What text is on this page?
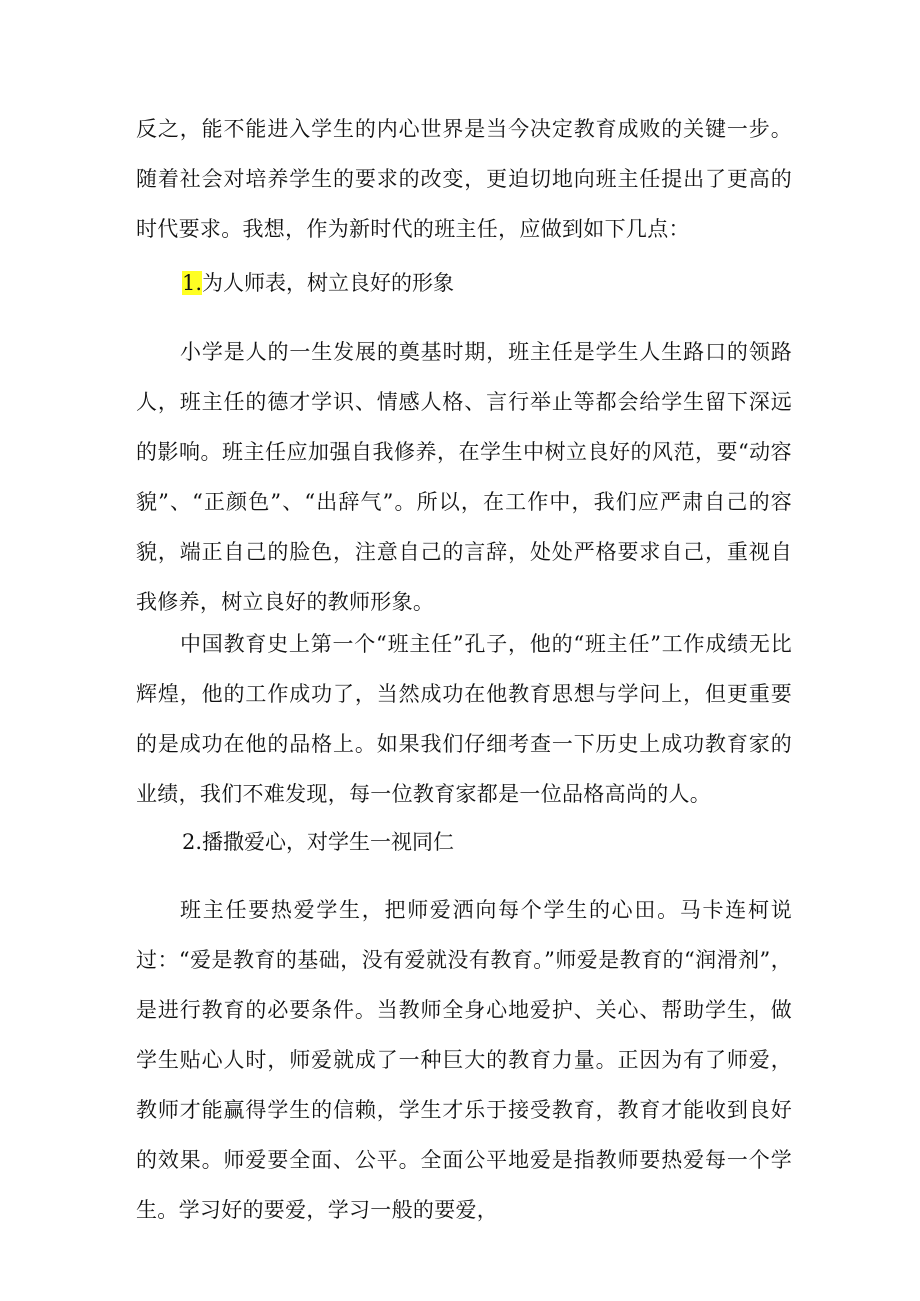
反之，能不能进入学生的内心世界是当今决定教育成败的关键一步。随着社会对培养学生的要求的改变，更迫切地向班主任提出了更高的时代要求。我想，作为新时代的班主任，应做到如下几点：

1.为人师表，树立良好的形象

小学是人的一生发展的奠基时期，班主任是学生人生路口的领路人，班主任的德才学识、情感人格、言行举止等都会给学生留下深远的影响。班主任应加强自我修养，在学生中树立良好的风范，要“动容貌”、“正颜色”、“出辞气”。所以，在工作中，我们应严肃自己的容貌，端正自己的脸色，注意自己的言辞，处处严格要求自己，重视自我修养，树立良好的教师形象。

中国教育史上第一个“班主任”孔子，他的“班主任”工作成绩无比辉煌，他的工作成功了，当然成功在他教育思想与学问上，但更重要的是成功在他的品格上。如果我们仔细考查一下历史上成功教育家的业绩，我们不难发现，每一位教育家都是一位品格高尚的人。

2.播撒爱心，对学生一视同仁

班主任要热爱学生，把师爱洒向每个学生的心田。马卡连柯说过：“爱是教育的基础，没有爱就没有教育。”师爱是教育的“润滑剂”，是进行教育的必要条件。当教师全身心地爱护、关心、帮助学生，做学生贴心人时，师爱就成了一种巨大的教育力量。正因为有了师爱，教师才能赢得学生的信赖，学生才乐于接受教育，教育才能收到良好的效果。师爱要全面、公平。全面公平地爱是指教师要热爱每一个学生。学习好的要爱，学习一般的要爱，
